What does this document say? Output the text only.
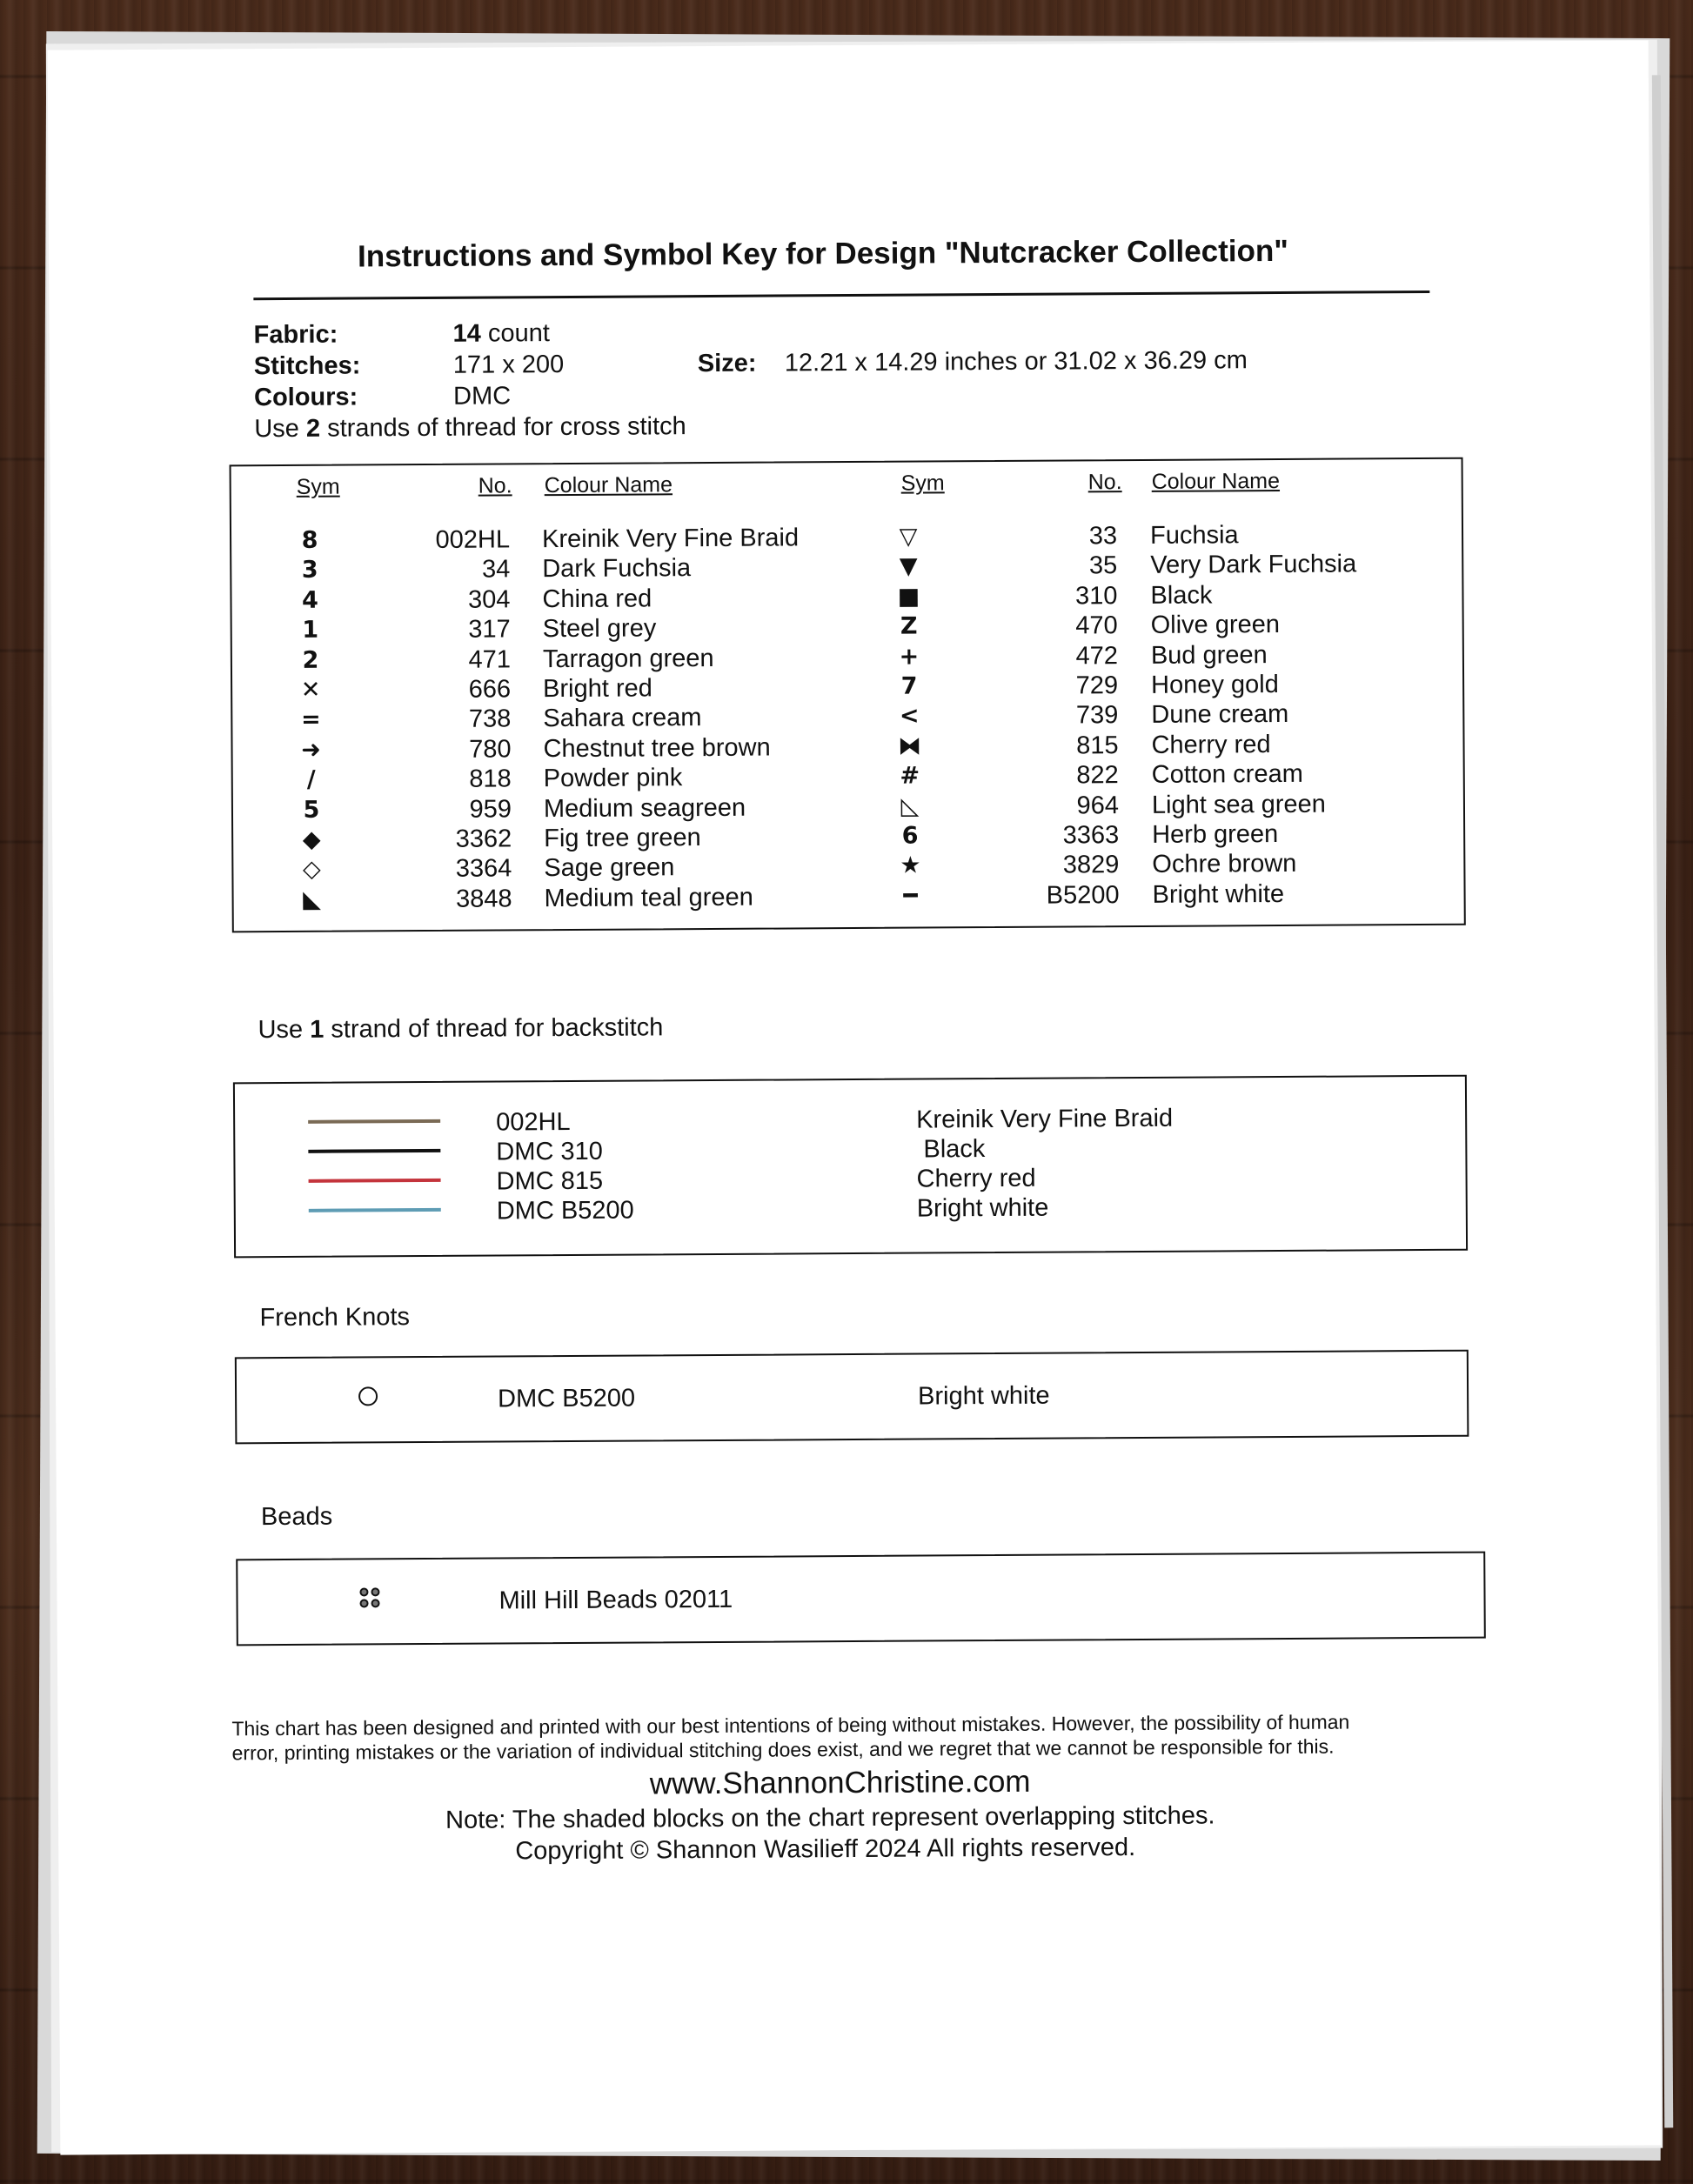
Instructions and Symbol Key for Design "Nutcracker Collection"
Fabric:	14 count
Stitches:	171 x 200
Colours:	DMC
Size: 12.21 x 14.29 inches or 31.02 x 36.29 cm
Use 2 strands of thread for cross stitch
Sym	No. Colour Name	Sym	No. Colour Name
8	002HL Kreinik Very Fine Braid
3	34 Dark Fuchsia
4	304 China red
1	317 Steel grey
2	471 Tarragon green
✕	666 Bright red
=	738 Sahara cream
➜	780 Chestnut tree brown
/	818 Powder pink
5	959 Medium seagreen
◆	3362 Fig tree green
◇	3364 Sage green
◣	3848 Medium teal green
▽	33 Fuchsia
▼	35 Very Dark Fuchsia
■	310 Black
Z	470 Olive green
+	472 Bud green
7	729 Honey gold
<	739 Dune cream
⧓	815 Cherry red
#	822 Cotton cream
◺	964 Light sea green
6	3363 Herb green
★	3829 Ochre brown
━	B5200 Bright white
Use 1 strand of thread for backstitch
002HL	Kreinik Very Fine Braid
DMC 310	Black
DMC 815	Cherry red
DMC B5200	Bright white
French Knots
DMC B5200	Bright white
Beads
Mill Hill Beads 02011
This chart has been designed and printed with our best intentions of being without mistakes. However, the possibility of human
error, printing mistakes or the variation of individual stitching does exist, and we regret that we cannot be responsible for this.
www.ShannonChristine.com
Note: The shaded blocks on the chart represent overlapping stitches.
Copyright © Shannon Wasilieff 2024 All rights reserved.
